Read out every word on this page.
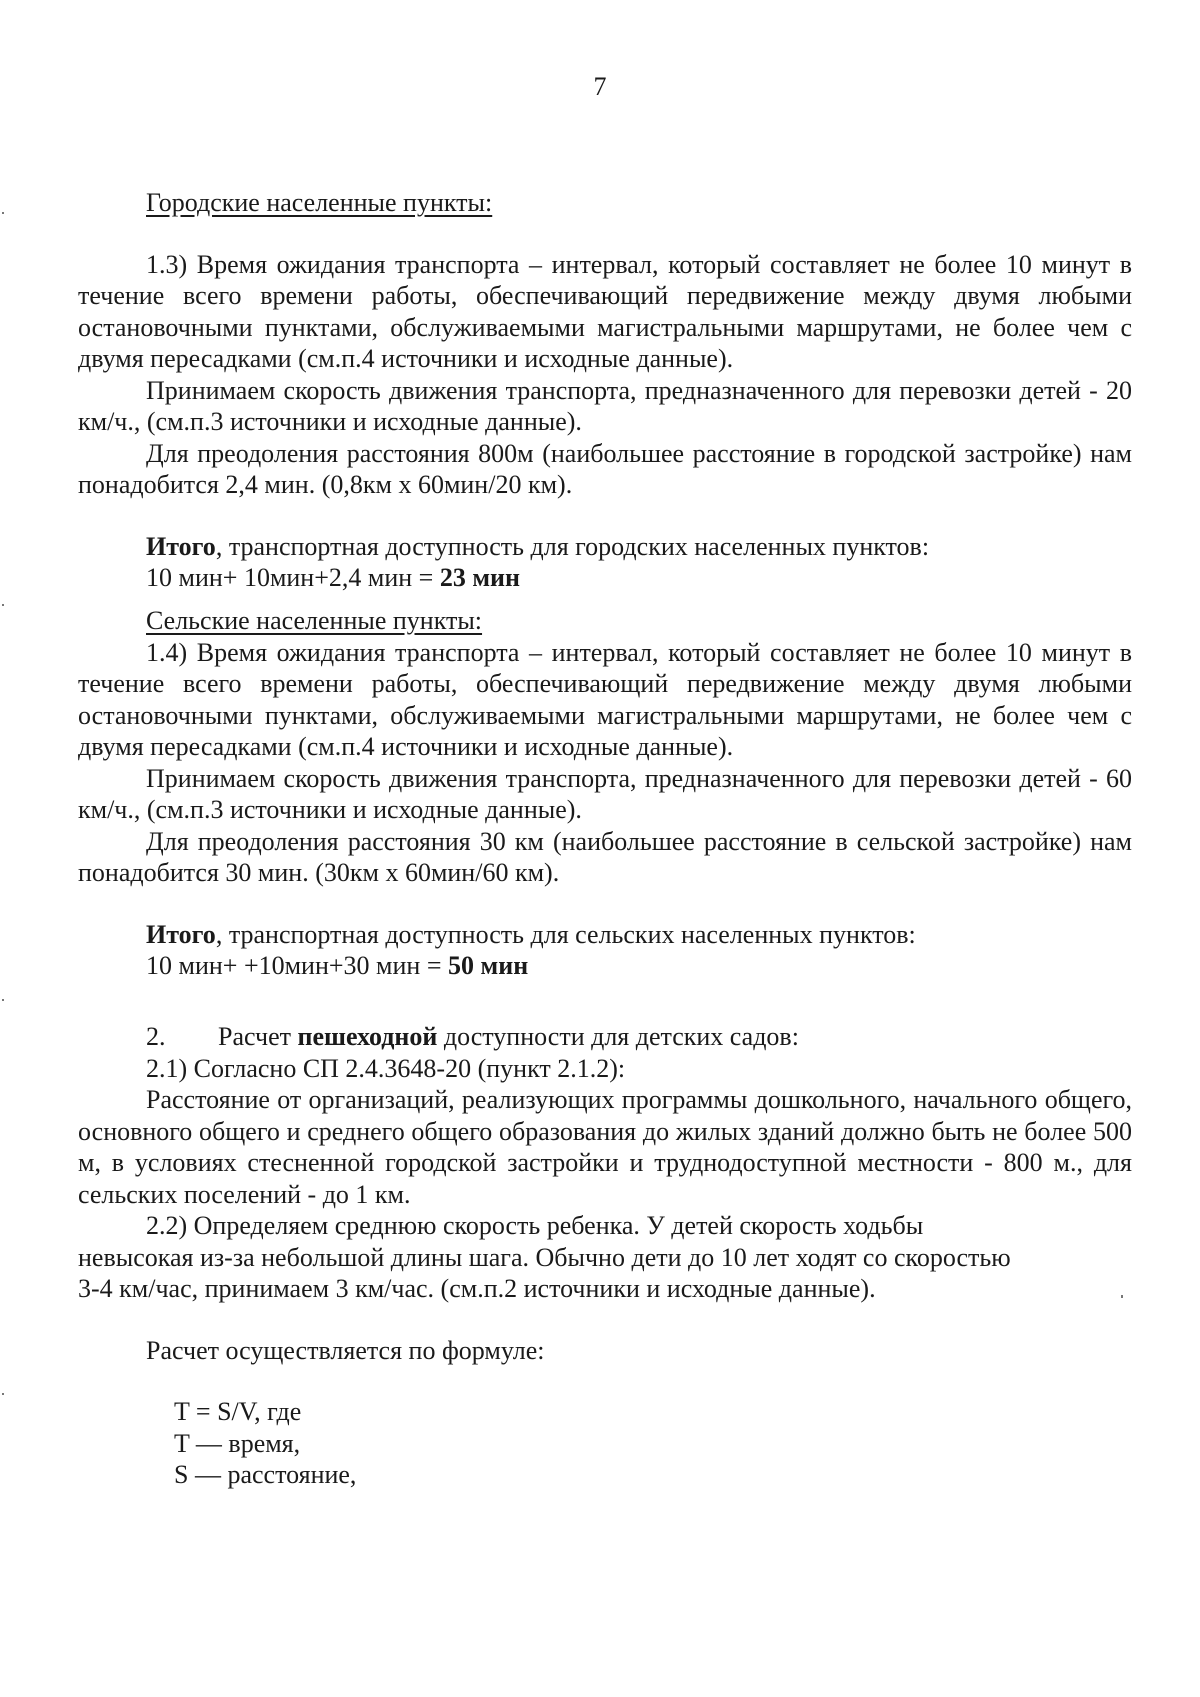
7

Городские населенные пункты:

1.3) Время ожидания транспорта – интервал, который составляет не более 10 минут в течение всего времени работы, обеспечивающий передвижение между двумя любыми остановочными пунктами, обслуживаемыми магистральными маршрутами, не более чем с двумя пересадками (см.п.4 источники и исходные данные).

Принимаем скорость движения транспорта, предназначенного для перевозки детей - 20 км/ч., (см.п.3 источники и исходные данные).

Для преодоления расстояния 800м (наибольшее расстояние в городской застройке) нам понадобится 2,4 мин. (0,8км х 60мин/20 км).

Итого, транспортная доступность для городских населенных пунктов:
10 мин+ 10мин+2,4 мин = 23 мин
Сельские населенные пункты:

1.4) Время ожидания транспорта – интервал, который составляет не более 10 минут в течение всего времени работы, обеспечивающий передвижение между двумя любыми остановочными пунктами, обслуживаемыми магистральными маршрутами, не более чем с двумя пересадками (см.п.4 источники и исходные данные).

Принимаем скорость движения транспорта, предназначенного для перевозки детей - 60 км/ч., (см.п.3 источники и исходные данные).

Для преодоления расстояния 30 км (наибольшее расстояние в сельской застройке) нам понадобится 30 мин. (30км х 60мин/60 км).

Итого, транспортная доступность для сельских населенных пунктов:
10 мин+ +10мин+30 мин = 50 мин
2.	Расчет пешеходной доступности для детских садов:
2.1) Согласно СП 2.4.3648-20 (пункт 2.1.2):

Расстояние от организаций, реализующих программы дошкольного, начального общего, основного общего и среднего общего образования до жилых зданий должно быть не более 500 м, в условиях стесненной городской застройки и труднодоступной местности - 800 м., для сельских поселений - до 1 км.

2.2) Определяем среднюю скорость ребенка. У детей скорость ходьбы
невысокая из-за небольшой длины шага. Обычно дети до 10 лет ходят со скоростью
3-4 км/час, принимаем 3 км/час. (см.п.2 источники и исходные данные).
Расчет осуществляется по формуле:
T = S/V, где
T — время,
S — расстояние,
